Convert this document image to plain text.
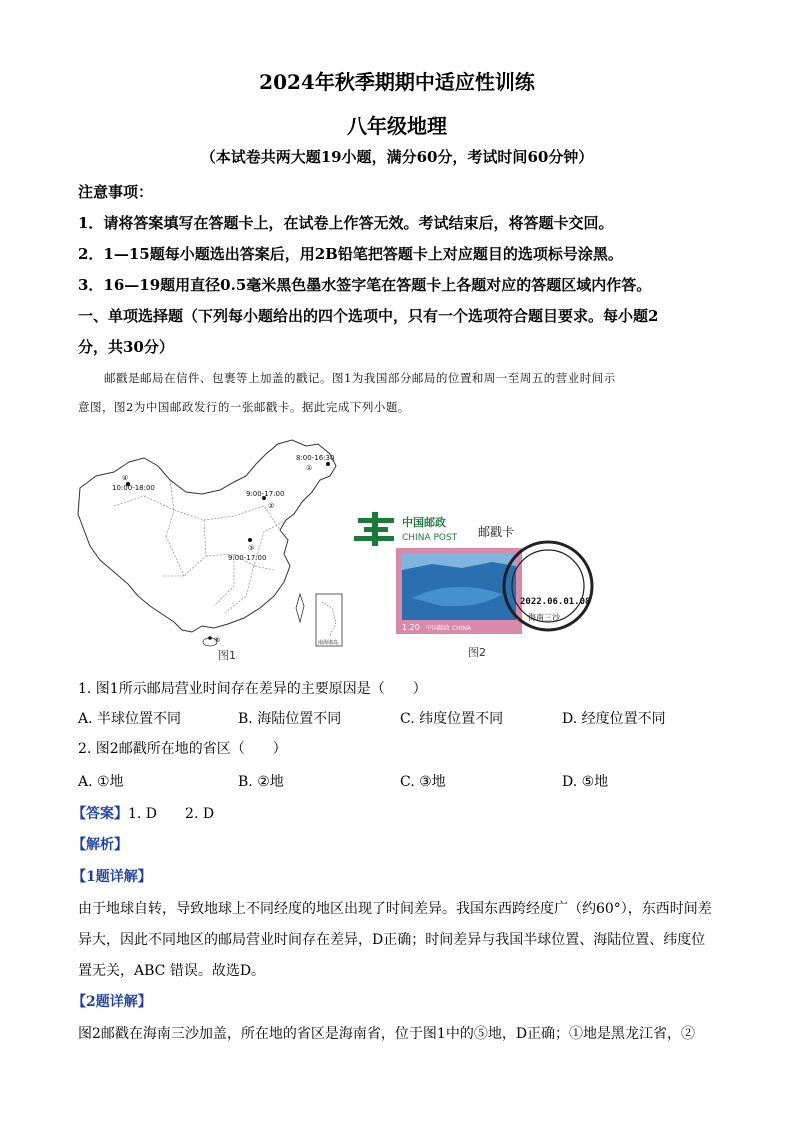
2024年秋季期期中适应性训练
八年级地理
（本试卷共两大题19小题，满分60分，考试时间60分钟）
注意事项：
1．请将答案填写在答题卡上，在试卷上作答无效。考试结束后，将答题卡交回。
2．1—15题每小题选出答案后，用2B铅笔把答题卡上对应题目的选项标号涂黑。
3．16—19题用直径0.5毫米黑色墨水签字笔在答题卡上各题对应的答题区域内作答。
一、单项选择题（下列每小题给出的四个选项中，只有一个选项符合题目要求。每小题2
分，共30分）
邮戳是邮局在信件、包裹等上加盖的戳记。图1为我国部分邮局的位置和周一至周五的营业时间示
意图，图2为中国邮政发行的一张邮戳卡。据此完成下列小题。
8:00-16:30
①
④
10:00-18:00
9:00-17:00
②
③
9:00-17:00
⑤	南海诸岛
图1
中国邮政
CHINA POST 邮戳卡
1.20 中国邮政 CHINA
2022.06.01.08
海南三沙
图2
1. 图1所示邮局营业时间存在差异的主要原因是（　　）
A. 半球位置不同	B. 海陆位置不同	C. 纬度位置不同	D. 经度位置不同
2. 图2邮戳所在地的省区（　　）
A. ①地	B. ②地	C. ③地	D. ⑤地
【答案】1. D　　2. D
【解析】
【1题详解】
由于地球自转，导致地球上不同经度的地区出现了时间差异。我国东西跨经度广（约60°），东西时间差
异大，因此不同地区的邮局营业时间存在差异，D正确；时间差异与我国半球位置、海陆位置、纬度位
置无关，ABC 错误。故选D。
【2题详解】
图2邮戳在海南三沙加盖，所在地的省区是海南省，位于图1中的⑤地，D正确；①地是黑龙江省，②
